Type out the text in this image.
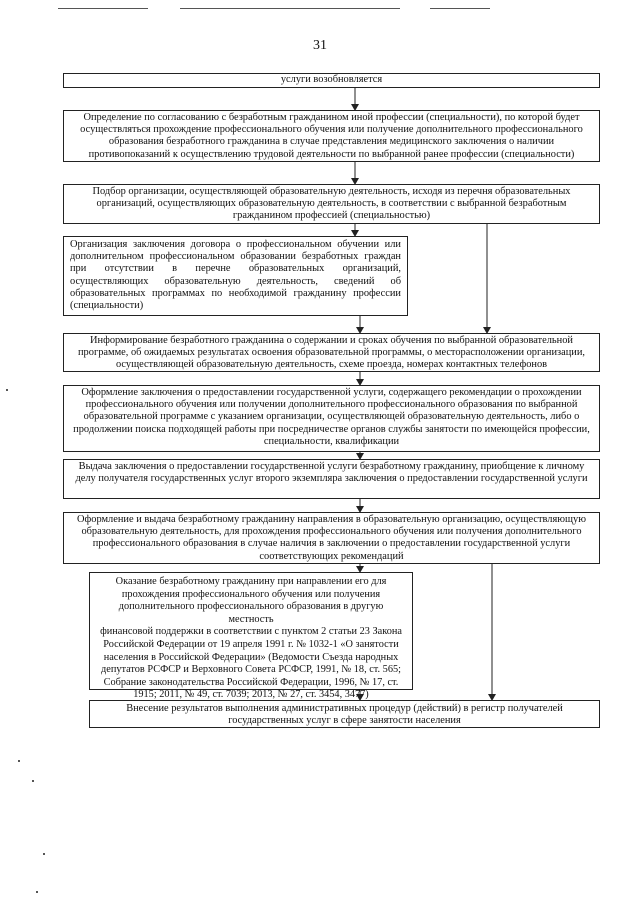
31
услуги возобновляется
Определение по согласованию с безработным гражданином иной профессии (специальности), по которой будет осуществляться прохождение профессионального обучения или получение дополнительного профессионального образования безработного гражданина в случае представления медицинского заключения о наличии противопоказаний к осуществлению трудовой деятельности по выбранной ранее профессии (специальности)
Подбор организации, осуществляющей образовательную деятельность, исходя из перечня образовательных организаций, осуществляющих образовательную деятельность, в соответствии с выбранной безработным гражданином профессией (специальностью)
Организация заключения договора о профессиональном обучении или дополнительном профессиональном образовании безработных граждан при отсутствии в перечне образовательных организаций, осуществляющих образовательную деятельность, сведений об образовательных программах по необходимой гражданину профессии (специальности)
Информирование безработного гражданина о содержании и сроках обучения по выбранной образовательной программе, об ожидаемых результатах освоения образовательной программы, о месторасположении организации, осуществляющей образовательную деятельность, схеме проезда, номерах контактных телефонов
Оформление заключения о предоставлении государственной услуги, содержащего рекомендации о прохождении профессионального обучения или получении дополнительного профессионального образования по выбранной образовательной программе с указанием организации, осуществляющей образовательную деятельность, либо о продолжении поиска подходящей работы при посредничестве органов службы занятости по имеющейся профессии, специальности, квалификации
Выдача заключения о предоставлении государственной услуги безработному гражданину, приобщение к личному делу получателя государственных услуг второго экземпляра заключения о предоставлении государственной услуги
Оформление и выдача безработному гражданину направления в образовательную организацию, осуществляющую образовательную деятельность, для прохождения профессионального обучения или получения дополнительного профессионального образования в случае наличия в заключении о предоставлении государственной услуги соответствующих рекомендаций
Оказание безработному гражданину при направлении его для
прохождения профессионального обучения или получения
дополнительного профессионального образования в другую местность
финансовой поддержки в соответствии с пунктом 2 статьи 23 Закона
Российской Федерации от 19 апреля 1991 г. № 1032-1 «О занятости
населения в Российской Федерации» (Ведомости Съезда народных
депутатов РСФСР и Верховного Совета РСФСР, 1991, № 18, ст. 565;
Собрание законодательства Российской Федерации, 1996, № 17, ст.
1915; 2011, № 49, ст. 7039; 2013, № 27, ст. 3454, 3477)
Внесение результатов выполнения административных процедур (действий) в регистр получателей государственных услуг в сфере занятости населения
